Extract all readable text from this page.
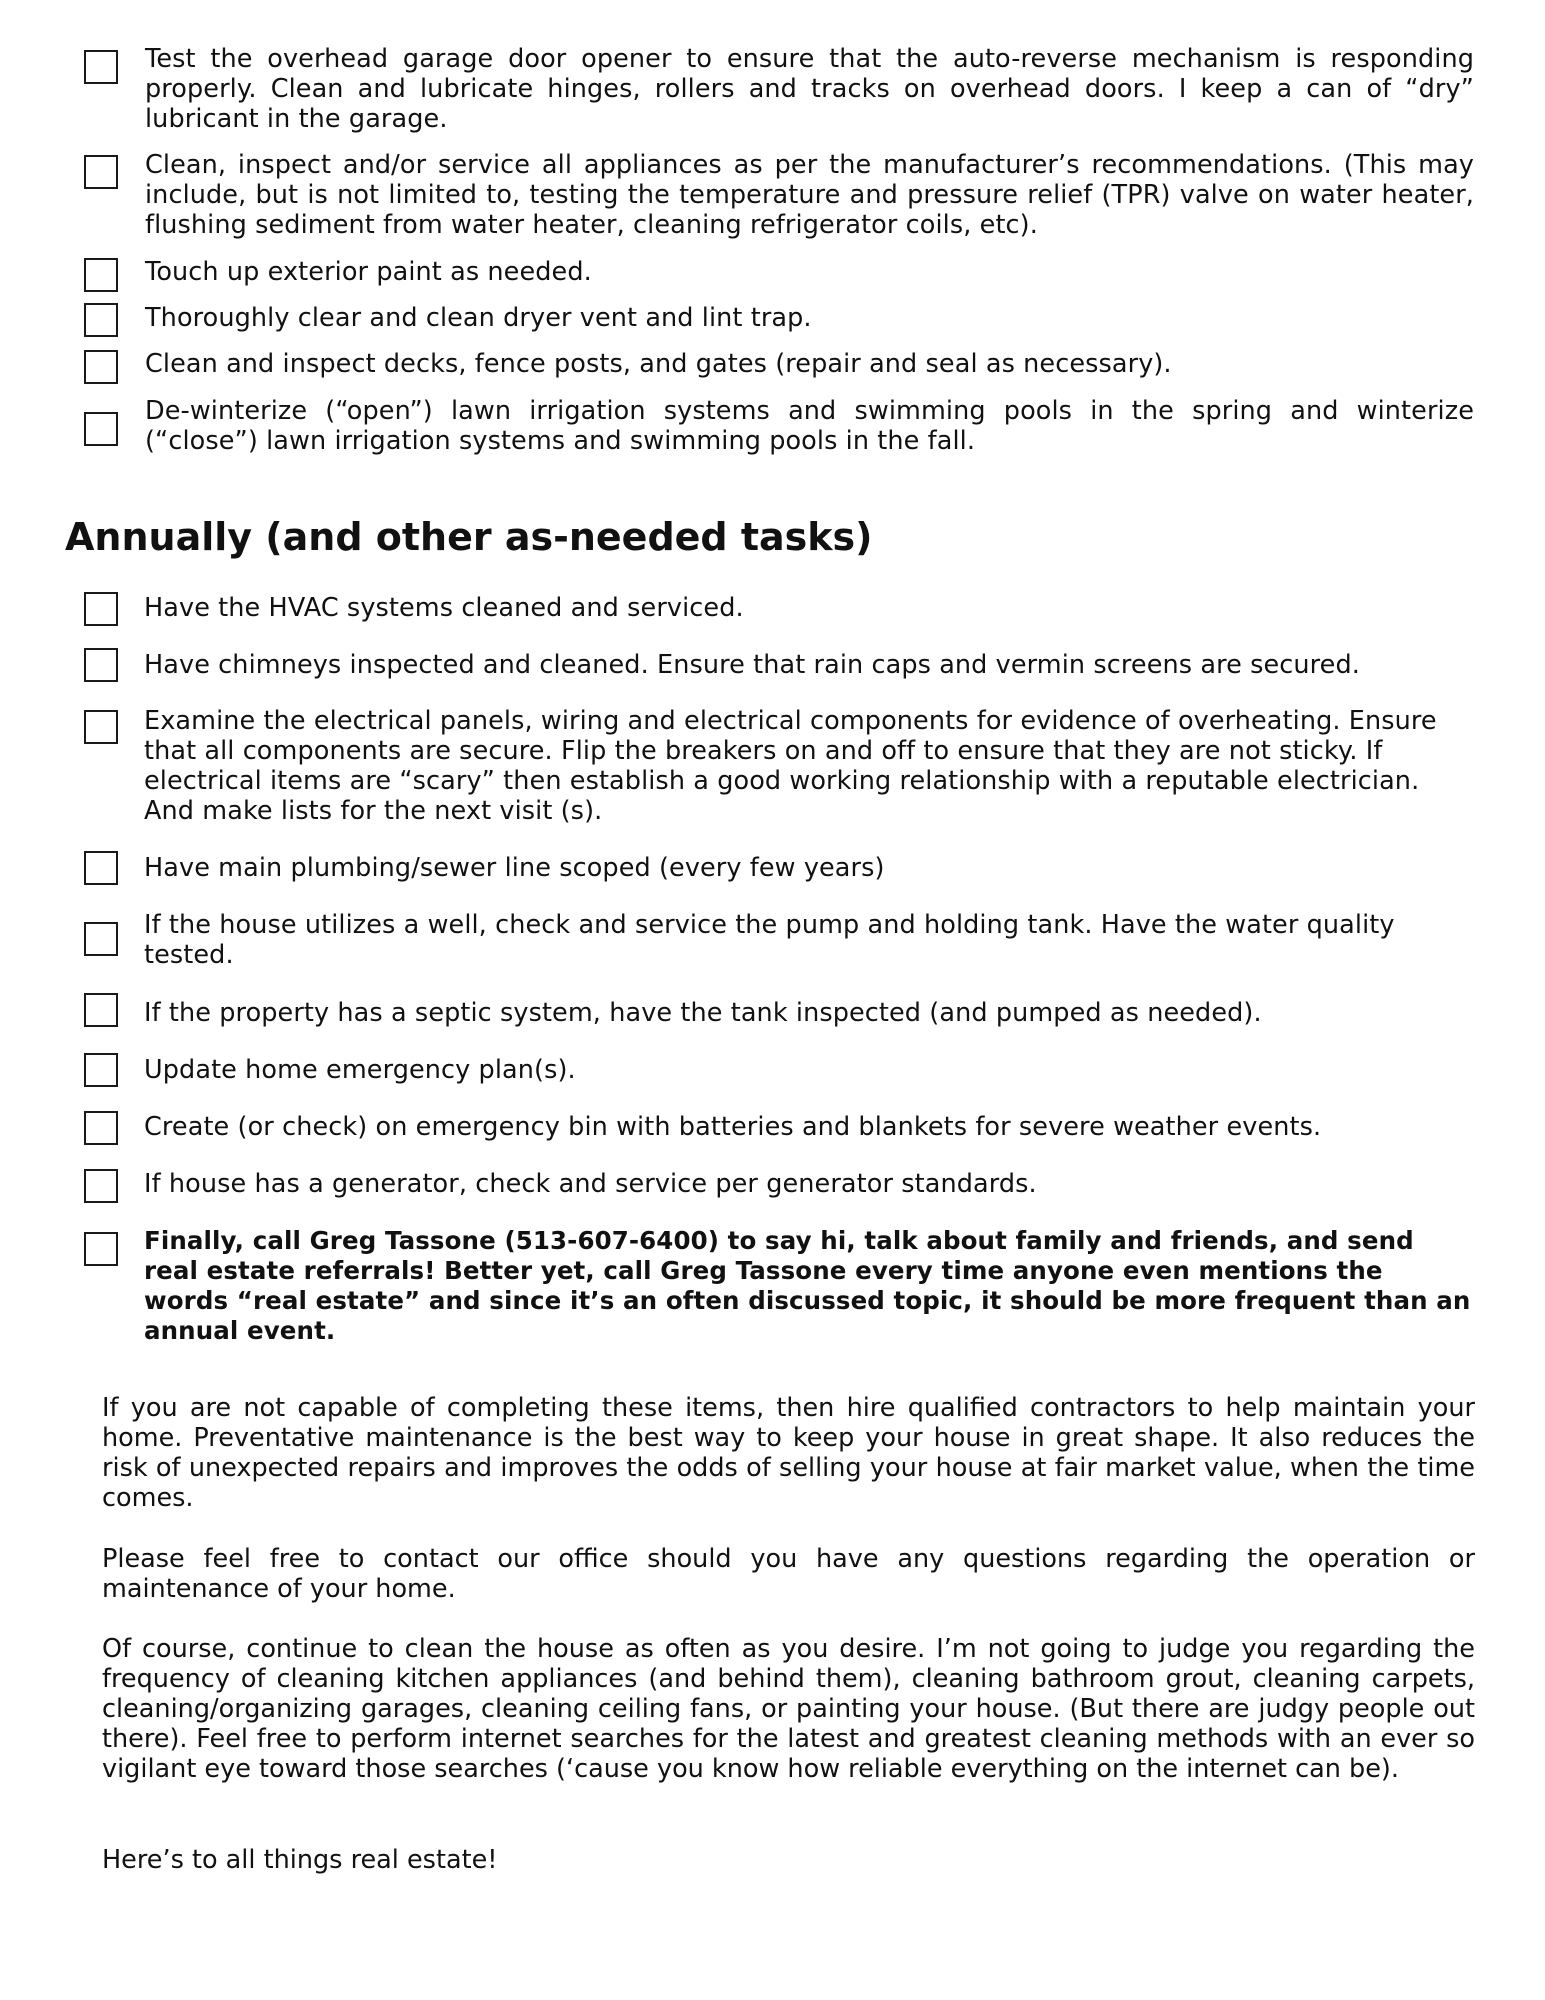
Test the overhead garage door opener to ensure that the auto-reverse mechanism is responding properly. Clean and lubricate hinges, rollers and tracks on overhead doors. I keep a can of “dry” lubricant in the garage.
Clean, inspect and/or service all appliances as per the manufacturer’s recommendations. (This may include, but is not limited to, testing the temperature and pressure relief (TPR) valve on water heater, flushing sediment from water heater, cleaning refrigerator coils, etc).
Touch up exterior paint as needed.
Thoroughly clear and clean dryer vent and lint trap.
Clean and inspect decks, fence posts, and gates (repair and seal as necessary).
De-winterize (“open”) lawn irrigation systems and swimming pools in the spring and winterize (“close”) lawn irrigation systems and swimming pools in the fall.
Annually (and other as-needed tasks)
Have the HVAC systems cleaned and serviced.
Have chimneys inspected and cleaned. Ensure that rain caps and vermin screens are secured.
Examine the electrical panels, wiring and electrical components for evidence of overheating. Ensure that all components are secure. Flip the breakers on and off to ensure that they are not sticky. If electrical items are “scary” then establish a good working relationship with a reputable electrician. And make lists for the next visit (s).
Have main plumbing/sewer line scoped (every few years)
If the house utilizes a well, check and service the pump and holding tank. Have the water quality tested.
If the property has a septic system, have the tank inspected (and pumped as needed).
Update home emergency plan(s).
Create (or check) on emergency bin with batteries and blankets for severe weather events.
If house has a generator, check and service per generator standards.
Finally, call Greg Tassone (513-607-6400) to say hi, talk about family and friends, and send real estate referrals! Better yet, call Greg Tassone every time anyone even mentions the words “real estate” and since it’s an often discussed topic, it should be more frequent than an annual event.

If you are not capable of completing these items, then hire qualified contractors to help maintain your home. Preventative maintenance is the best way to keep your house in great shape. It also reduces the risk of unexpected repairs and improves the odds of selling your house at fair market value, when the time comes.

Please feel free to contact our office should you have any questions regarding the operation or maintenance of your home.

Of course, continue to clean the house as often as you desire. I’m not going to judge you regarding the frequency of cleaning kitchen appliances (and behind them), cleaning bathroom grout, cleaning carpets, cleaning/organizing garages, cleaning ceiling fans, or painting your house. (But there are judgy people out there). Feel free to perform internet searches for the latest and greatest cleaning methods with an ever so vigilant eye toward those searches (‘cause you know how reliable everything on the internet can be).

Here’s to all things real estate!
